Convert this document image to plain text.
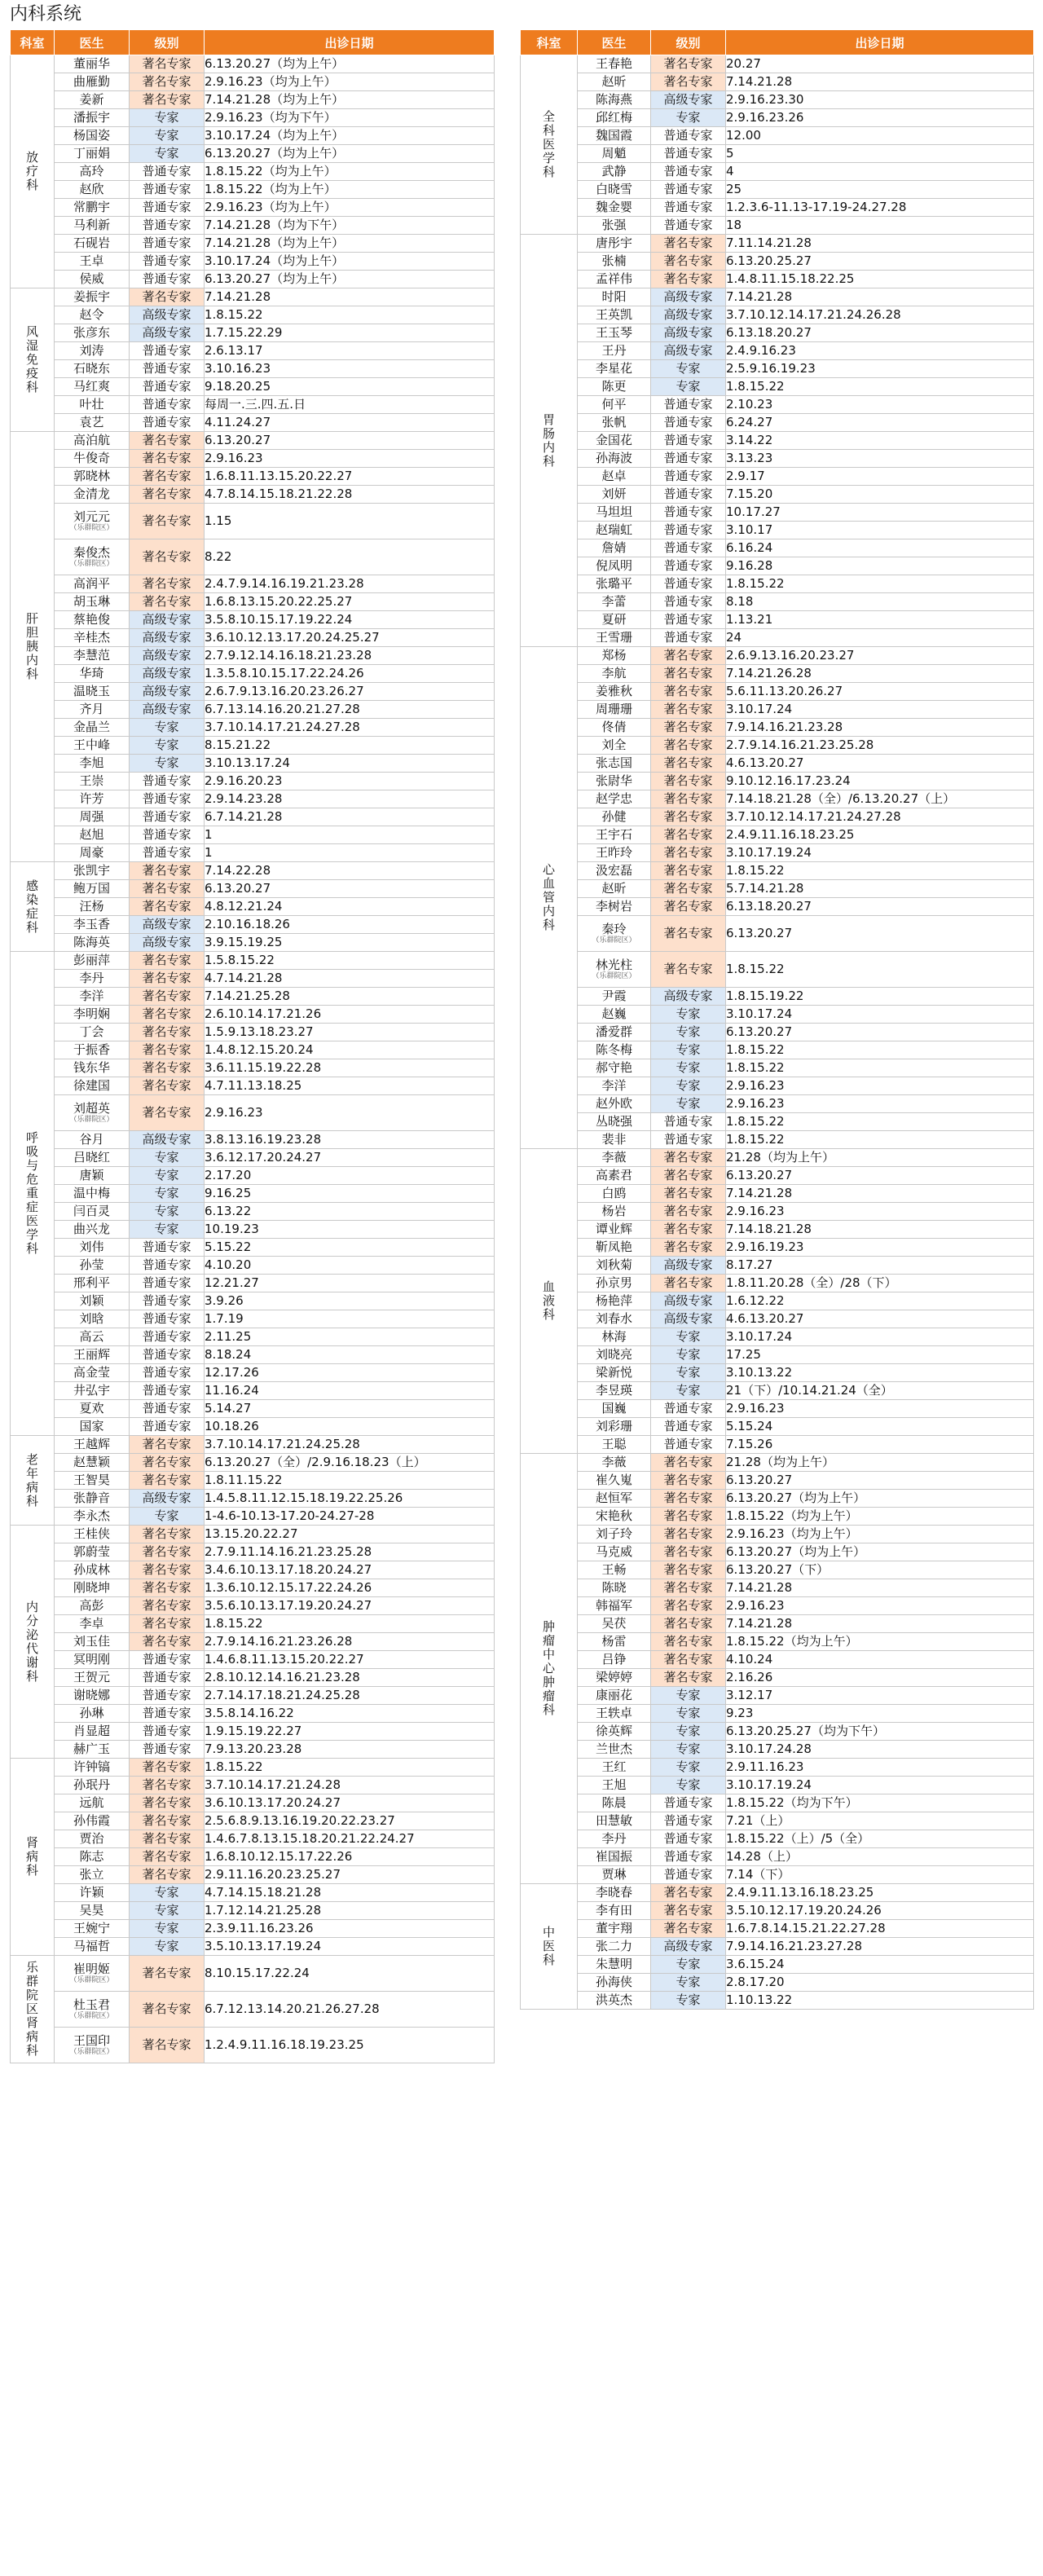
内科系统
科室	医生	级别	出诊日期
放疗科	董丽华	著名专家	6.13.20.27（均为上午）

	曲雁勤	著名专家	2.9.16.23（均为上午）

	姜新	著名专家	7.14.21.28（均为上午）

	潘振宇	专家	2.9.16.23（均为下午）

	杨国姿	专家	3.10.17.24（均为上午）

	丁丽娟	专家	6.13.20.27（均为上午）

	高玲	普通专家	1.8.15.22（均为上午）

	赵欣	普通专家	1.8.15.22（均为上午）

	常鹏宇	普通专家	2.9.16.23（均为上午）

	马利新	普通专家	7.14.21.28（均为下午）

	石砚岩	普通专家	7.14.21.28（均为上午）

	王卓	普通专家	3.10.17.24（均为上午）

	侯威	普通专家	6.13.20.27（均为上午）
风湿免疫科	姜振宇	著名专家	7.14.21.28

	赵令	高级专家	1.8.15.22

	张彦东	高级专家	1.7.15.22.29

	刘涛	普通专家	2.6.13.17

	石晓东	普通专家	3.10.16.23

	马红爽	普通专家	9.18.20.25

	叶壮	普通专家	每周一.三.四.五.日

	袁艺	普通专家	4.11.24.27
肝胆胰内科	高泊航	著名专家	6.13.20.27

	牛俊奇	著名专家	2.9.16.23

	郭晓林	著名专家	1.6.8.11.13.15.20.22.27

	金清龙	著名专家	4.7.8.14.15.18.21.22.28

	刘元元
（乐群院区）	著名专家	1.15

	秦俊杰
（乐群院区）	著名专家	8.22

	高润平	著名专家	2.4.7.9.14.16.19.21.23.28

	胡玉琳	著名专家	1.6.8.13.15.20.22.25.27

	蔡艳俊	高级专家	3.5.8.10.15.17.19.22.24

	辛桂杰	高级专家	3.6.10.12.13.17.20.24.25.27

	李慧范	高级专家	2.7.9.12.14.16.18.21.23.28

	华琦	高级专家	1.3.5.8.10.15.17.22.24.26

	温晓玉	高级专家	2.6.7.9.13.16.20.23.26.27

	齐月	高级专家	6.7.13.14.16.20.21.27.28

	金晶兰	专家	3.7.10.14.17.21.24.27.28

	王中峰	专家	8.15.21.22

	李旭	专家	3.10.13.17.24

	王崇	普通专家	2.9.16.20.23

	许芳	普通专家	2.9.14.23.28

	周强	普通专家	6.7.14.21.28

	赵旭	普通专家	1

	周豪	普通专家	1
感染症科	张凯宇	著名专家	7.14.22.28

	鲍万国	著名专家	6.13.20.27

	汪杨	著名专家	4.8.12.21.24

	李玉香	高级专家	2.10.16.18.26

	陈海英	高级专家	3.9.15.19.25
呼吸与危重症医学科	彭丽萍	著名专家	1.5.8.15.22

	李丹	著名专家	4.7.14.21.28

	李洋	著名专家	7.14.21.25.28

	李明娴	著名专家	2.6.10.14.17.21.26

	丁会	著名专家	1.5.9.13.18.23.27

	于振香	著名专家	1.4.8.12.15.20.24

	钱东华	著名专家	3.6.11.15.19.22.28

	徐建国	著名专家	4.7.11.13.18.25

	刘超英
（乐群院区）	著名专家	2.9.16.23

	谷月	高级专家	3.8.13.16.19.23.28

	吕晓红	专家	3.6.12.17.20.24.27

	唐颖	专家	2.17.20

	温中梅	专家	9.16.25

	闫百灵	专家	6.13.22

	曲兴龙	专家	10.19.23

	刘伟	普通专家	5.15.22

	孙莹	普通专家	4.10.20

	邢利平	普通专家	12.21.27

	刘颖	普通专家	3.9.26

	刘晗	普通专家	1.7.19

	高云	普通专家	2.11.25

	王丽辉	普通专家	8.18.24

	高金莹	普通专家	12.17.26

	井弘宇	普通专家	11.16.24

	夏欢	普通专家	5.14.27

	国家	普通专家	10.18.26
老年病科	王越辉	著名专家	3.7.10.14.17.21.24.25.28

	赵慧颖	著名专家	6.13.20.27（全）/2.9.16.18.23（上）

	王智昊	著名专家	1.8.11.15.22

	张静音	高级专家	1.4.5.8.11.12.15.18.19.22.25.26

	李永杰	专家	1-4.6-10.13-17.20-24.27-28
内分泌代谢科	王桂侠	著名专家	13.15.20.22.27

	郭蔚莹	著名专家	2.7.9.11.14.16.21.23.25.28

	孙成林	著名专家	3.4.6.10.13.17.18.20.24.27

	刚晓坤	著名专家	1.3.6.10.12.15.17.22.24.26

	高彭	著名专家	3.5.6.10.13.17.19.20.24.27

	李卓	著名专家	1.8.15.22

	刘玉佳	著名专家	2.7.9.14.16.21.23.26.28

	冥明刚	普通专家	1.4.6.8.11.13.15.20.22.27

	王贺元	普通专家	2.8.10.12.14.16.21.23.28

	谢晓娜	普通专家	2.7.14.17.18.21.24.25.28

	孙琳	普通专家	3.5.8.14.16.22

	肖显超	普通专家	1.9.15.19.22.27

	赫广玉	普通专家	7.9.13.20.23.28
肾病科	许钟镐	著名专家	1.8.15.22

	孙珉丹	著名专家	3.7.10.14.17.21.24.28

	远航	著名专家	3.6.10.13.17.20.24.27

	孙伟霞	著名专家	2.5.6.8.9.13.16.19.20.22.23.27

	贾治	著名专家	1.4.6.7.8.13.15.18.20.21.22.24.27

	陈志	著名专家	1.6.8.10.12.15.17.22.26

	张立	著名专家	2.9.11.16.20.23.25.27

	许颖	专家	4.7.14.15.18.21.28

	吴昊	专家	1.7.12.14.21.25.28

	王婉宁	专家	2.3.9.11.16.23.26

	马福哲	专家	3.5.10.13.17.19.24
乐群院区肾病科	崔明姬
（乐群院区）	著名专家	8.10.15.17.22.24

	杜玉君
（乐群院区）	著名专家	6.7.12.13.14.20.21.26.27.28

	王国印
（乐群院区）	著名专家	1.2.4.9.11.16.18.19.23.25
科室	医生	级别	出诊日期
全科医学科	王春艳	著名专家	20.27

	赵昕	著名专家	7.14.21.28

	陈海燕	高级专家	2.9.16.23.30

	邱红梅	专家	2.9.16.23.26

	魏国霞	普通专家	12.00

	周魈	普通专家	5

	武静	普通专家	4

	白晓雪	普通专家	25

	魏金婴	普通专家	1.2.3.6-11.13-17.19-24.27.28

	张强	普通专家	18
胃肠内科	唐彤宇	著名专家	7.11.14.21.28

	张楠	著名专家	6.13.20.25.27

	孟祥伟	著名专家	1.4.8.11.15.18.22.25

	时阳	高级专家	7.14.21.28

	王英凯	高级专家	3.7.10.12.14.17.21.24.26.28

	王玉琴	高级专家	6.13.18.20.27

	王丹	高级专家	2.4.9.16.23

	李星花	专家	2.5.9.16.19.23

	陈更	专家	1.8.15.22

	何平	普通专家	2.10.23

	张帆	普通专家	6.24.27

	金国花	普通专家	3.14.22

	孙海波	普通专家	3.13.23

	赵卓	普通专家	2.9.17

	刘妍	普通专家	7.15.20

	马坦坦	普通专家	10.17.27

	赵瑞虹	普通专家	3.10.17

	詹婧	普通专家	6.16.24

	倪凤明	普通专家	9.16.28

	张璐平	普通专家	1.8.15.22

	李蕾	普通专家	8.18

	夏研	普通专家	1.13.21

	王雪珊	普通专家	24
心血管内科	郑杨	著名专家	2.6.9.13.16.20.23.27

	李航	著名专家	7.14.21.26.28

	姜雅秋	著名专家	5.6.11.13.20.26.27

	周珊珊	著名专家	3.10.17.24

	佟倩	著名专家	7.9.14.16.21.23.28

	刘全	著名专家	2.7.9.14.16.21.23.25.28

	张志国	著名专家	4.6.13.20.27

	张尉华	著名专家	9.10.12.16.17.23.24

	赵学忠	著名专家	7.14.18.21.28（全）/6.13.20.27（上）

	孙健	著名专家	3.7.10.12.14.17.21.24.27.28

	王宇石	著名专家	2.4.9.11.16.18.23.25

	王昨玲	著名专家	3.10.17.19.24

	汲宏磊	著名专家	1.8.15.22

	赵昕	著名专家	5.7.14.21.28

	李树岩	著名专家	6.13.18.20.27

	秦玲
（乐群院区）	著名专家	6.13.20.27

	林光柱
（乐群院区）	著名专家	1.8.15.22

	尹霞	高级专家	1.8.15.19.22

	赵巍	专家	3.10.17.24

	潘爱群	专家	6.13.20.27

	陈冬梅	专家	1.8.15.22

	郝守艳	专家	1.8.15.22

	李洋	专家	2.9.16.23

	赵外欧	专家	2.9.16.23

	丛晓强	普通专家	1.8.15.22

	裴非	普通专家	1.8.15.22
血液科	李薇	著名专家	21.28（均为上午）

	高素君	著名专家	6.13.20.27

	白鸥	著名专家	7.14.21.28

	杨岩	著名专家	2.9.16.23

	谭业辉	著名专家	7.14.18.21.28

	靳凤艳	著名专家	2.9.16.19.23

	刘秋菊	高级专家	8.17.27

	孙京男	著名专家	1.8.11.20.28（全）/28（下）

	杨艳萍	高级专家	1.6.12.22

	刘春水	高级专家	4.6.13.20.27

	林海	专家	3.10.17.24

	刘晓亮	专家	17.25

	梁新悦	专家	3.10.13.22

	李昱瑛	专家	21（下）/10.14.21.24（全）

	国巍	普通专家	2.9.16.23

	刘彩珊	普通专家	5.15.24

	王聪	普通专家	7.15.26
肿瘤中心肿瘤科	李薇	著名专家	21.28（均为上午）

	崔久嵬	著名专家	6.13.20.27

	赵恒军	著名专家	6.13.20.27（均为上午）

	宋艳秋	著名专家	1.8.15.22（均为上午）

	刘子玲	著名专家	2.9.16.23（均为上午）

	马克威	著名专家	6.13.20.27（均为上午）

	王畅	著名专家	6.13.20.27（下）

	陈晓	著名专家	7.14.21.28

	韩福军	著名专家	2.9.16.23

	吴茯	著名专家	7.14.21.28

	杨雷	著名专家	1.8.15.22（均为上午）

	吕铮	著名专家	4.10.24

	梁婷婷	著名专家	2.16.26

	康丽花	专家	3.12.17

	王轶卓	专家	9.23

	徐英辉	专家	6.13.20.25.27（均为下午）

	兰世杰	专家	3.10.17.24.28

	王红	专家	2.9.11.16.23

	王旭	专家	3.10.17.19.24

	陈晨	普通专家	1.8.15.22（均为下午）

	田慧敏	普通专家	7.21（上）

	李丹	普通专家	1.8.15.22（上）/5（全）

	崔国振	普通专家	14.28（上）

	贾琳	普通专家	7.14（下）
中医科	李晓春	著名专家	2.4.9.11.13.16.18.23.25

	李有田	著名专家	3.5.10.12.17.19.20.24.26

	董宇翔	著名专家	1.6.7.8.14.15.21.22.27.28

	张二力	高级专家	7.9.14.16.21.23.27.28

	朱慧明	专家	3.6.15.24

	孙海侠	专家	2.8.17.20

	洪英杰	专家	1.10.13.22
